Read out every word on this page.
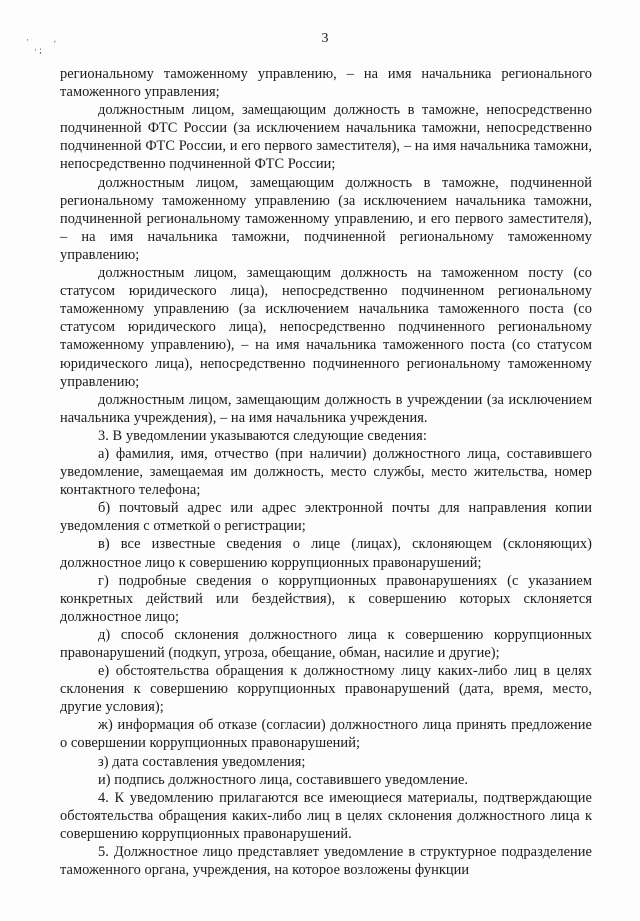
·
· ;
ʹ	3

региональному таможенному управлению, – на имя начальника регионального таможенного управления;

должностным лицом, замещающим должность в таможне, непосредственно подчиненной ФТС России (за исключением начальника таможни, непосредственно подчиненной ФТС России, и его первого заместителя), – на имя начальника таможни, непосредственно подчиненной ФТС России;

должностным лицом, замещающим должность в таможне, подчиненной региональному таможенному управлению (за исключением начальника таможни, подчиненной региональному таможенному управлению, и его первого заместителя), – на имя начальника таможни, подчиненной региональному таможенному управлению;

должностным лицом, замещающим должность на таможенном посту (со статусом юридического лица), непосредственно подчиненном региональному таможенному управлению (за исключением начальника таможенного поста (со статусом юридического лица), непосредственно подчиненного региональному таможенному управлению), – на имя начальника таможенного поста (со статусом юридического лица), непосредственно подчиненного региональному таможенному управлению;

должностным лицом, замещающим должность в учреждении (за исключением начальника учреждения), – на имя начальника учреждения.

3. В уведомлении указываются следующие сведения:

а) фамилия, имя, отчество (при наличии) должностного лица, составившего уведомление, замещаемая им должность, место службы, место жительства, номер контактного телефона;

б) почтовый адрес или адрес электронной почты для направления копии уведомления с отметкой о регистрации;

в) все известные сведения о лице (лицах), склоняющем (склоняющих) должностное лицо к совершению коррупционных правонарушений;

г) подробные сведения о коррупционных правонарушениях (с указанием конкретных действий или бездействия), к совершению которых склоняется должностное лицо;

д) способ склонения должностного лица к совершению коррупционных правонарушений (подкуп, угроза, обещание, обман, насилие и другие);

е) обстоятельства обращения к должностному лицу каких-либо лиц в целях склонения к совершению коррупционных правонарушений (дата, время, место, другие условия);

ж) информация об отказе (согласии) должностного лица принять предложение о совершении коррупционных правонарушений;

з) дата составления уведомления;

и) подпись должностного лица, составившего уведомление.

4. К уведомлению прилагаются все имеющиеся материалы, подтверждающие обстоятельства обращения каких-либо лиц в целях склонения должностного лица к совершению коррупционных правонарушений.

5. Должностное лицо представляет уведомление в структурное подразделение таможенного органа, учреждения, на которое возложены функции
